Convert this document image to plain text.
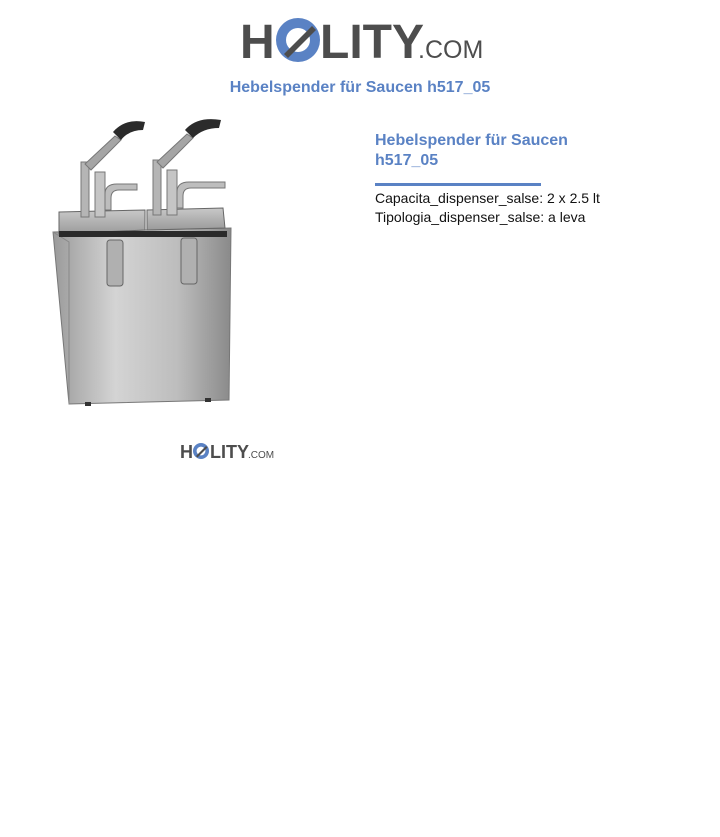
H LITY
.COM
Hebelspender für Saucen h517_05
H LITY .COM
Hebelspender für Saucen h517_05
Capacita_dispenser_salse: 2 x 2.5 lt
Tipologia_dispenser_salse: a leva
